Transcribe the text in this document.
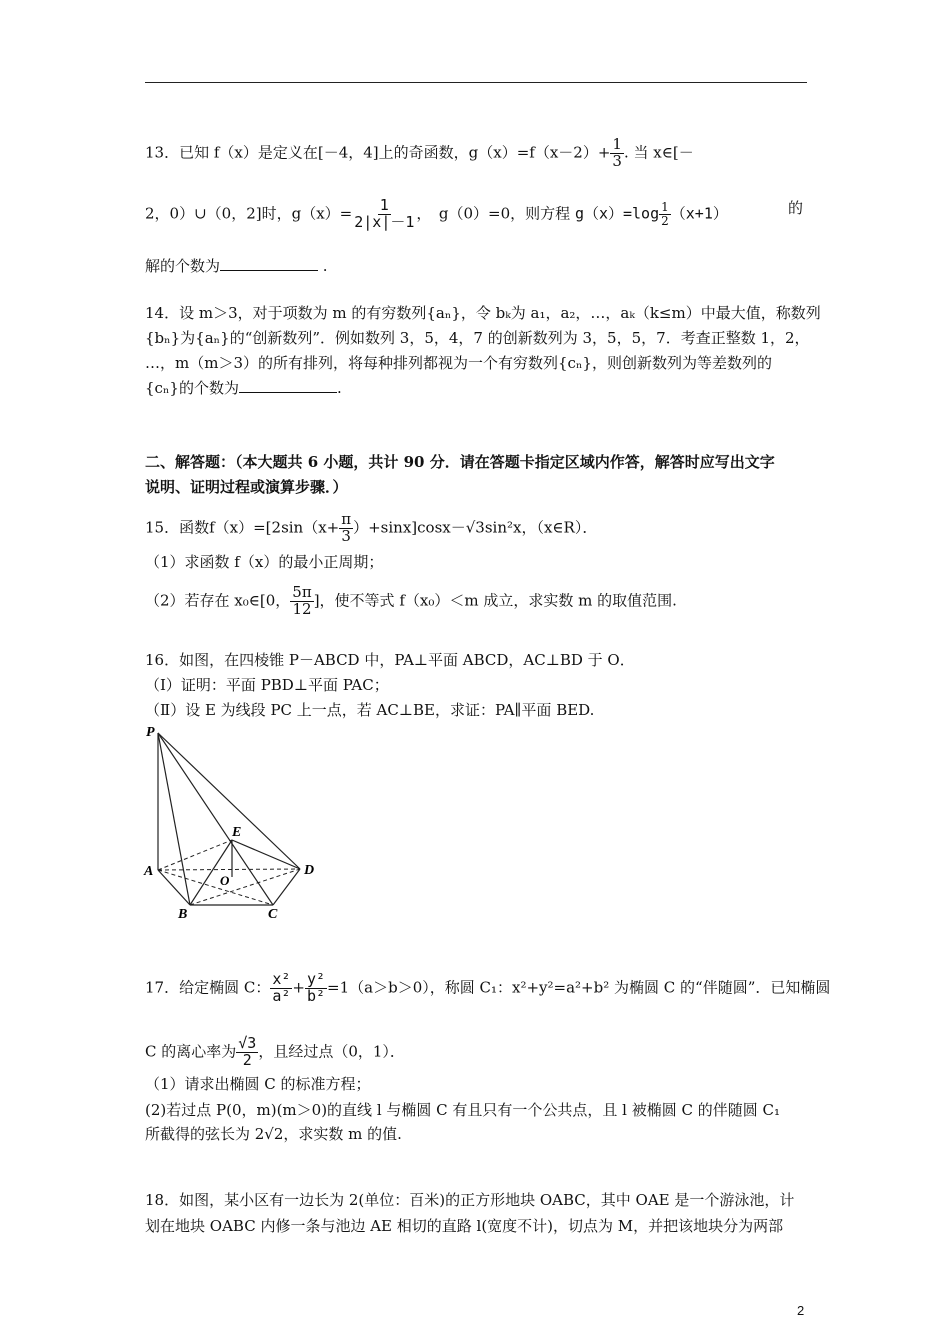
13．已知 f（x）是定义在[－4，4]上的奇函数，$g(x)=f(x-2)+ \frac{1}{3}$ . 当 x∈[－
2，0）∪（0，2]时，$g(x)= \frac{1}{2|x|-1}$ ，　g（0）=0，则方程 $g(x)=\log \frac{1}{2} (x+1)$	的
解的个数为	.
14．设 m＞3，对于项数为 m 的有穷数列{aₙ}，令 bₖ为 a₁，a₂，…，aₖ（k≤m）中最大值，称数列
{bₙ}为{aₙ}的“创新数列”．例如数列 3，5，4，7 的创新数列为 3，5，5，7．考查正整数 1，2，
…，m（m＞3）的所有排列，将每种排列都视为一个有穷数列{cₙ}，则创新数列为等差数列的
{cₙ}的个数为	.
二、解答题：（本大题共 6 小题，共计 90 分．请在答题卡指定区域内作答，解答时应写出文字
说明、证明过程或演算步骤．）
15．函数$f(x)=[2\sin(x+ \frac{\pi}{3} )+\sin x]\cos x-√3\sin^2x$，（x∈R）．
（1）求函数 f（x）的最小正周期；
（2）若存在 x₀∈[0， $\frac{5\pi}{12}$ ]，使不等式 f（x₀）＜m 成立，求实数 m 的取值范围.
16．如图，在四棱锥 P－ABCD 中，PA⊥平面 ABCD，AC⊥BD 于 O．
（Ⅰ）证明：平面 PBD⊥平面 PAC；
（Ⅱ）设 E 为线段 PC 上一点，若 AC⊥BE，求证：PA∥平面 BED.
P
E
A
O
D
B	C
17．给定椭圆 C： $\frac{\text{x²}}{\text{a²}} + \frac{\text{y²}}{\text{b²}} =1(a>b>0)$，称圆 C₁：x²+y²=a²+b² 为椭圆 C 的“伴随圆”．已知椭圆
C 的离心率为 $\frac{√3}{2}$ ，且经过点（0，1）．
（1）请求出椭圆 C 的标准方程；
(2)若过点 P(0，m)(m＞0)的直线 l 与椭圆 C 有且只有一个公共点，且 l 被椭圆 C 的伴随圆 C₁
所截得的弦长为 2√2，求实数 m 的值.
18．如图，某小区有一边长为 2(单位：百米)的正方形地块 OABC，其中 OAE 是一个游泳池，计
划在地块 OABC 内修一条与池边 AE 相切的直路 l(宽度不计)，切点为 M，并把该地块分为两部
2
